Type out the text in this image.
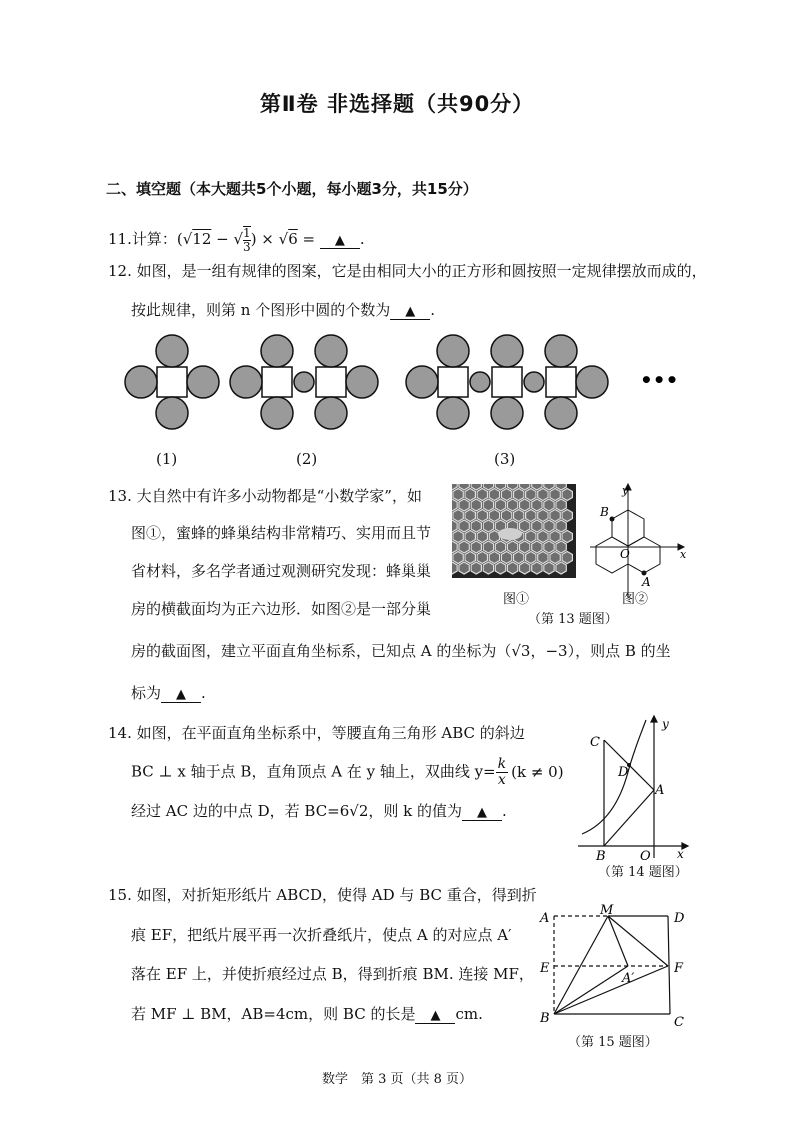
第Ⅱ卷 非选择题（共90分）
二、填空题（本大题共5个小题，每小题3分，共15分）
11.计算：(√12 − √ $\frac{1}{3}$ ) × √6 = ▲ .
12. 如图，是一组有规律的图案，它是由相同大小的正方形和圆按照一定规律摆放而成的，
按此规律，则第 n 个图形中圆的个数为 ▲ .
•••
(1)	(2)	(3)
13. 大自然中有许多小动物都是“小数学家”，如
图①，蜜蜂的蜂巢结构非常精巧、实用而且节
省材料，多名学者通过观测研究发现：蜂巢巢
房的横截面均为正六边形．如图②是一部分巢
房的截面图，建立平面直角坐标系，已知点 A 的坐标为（√3，−3），则点 B 的坐
标为 ▲ .
图①
y
x
B
A
O
图②
（第 13 题图）
14. 如图，在平面直角坐标系中，等腰直角三角形 ABC 的斜边
BC ⊥ x 轴于点 B，直角顶点 A 在 y 轴上，双曲线 $y= \frac{k}{x} (k \ne 0)$
经过 AC 边的中点 D，若 BC=6√2，则 k 的值为 ▲ .
C
D
A
B	O x
y
（第 14 题图）
15. 如图，对折矩形纸片 ABCD，使得 AD 与 BC 重合，得到折
痕 EF，把纸片展平再一次折叠纸片，使点 A 的对应点 A′
落在 EF 上，并使折痕经过点 B，得到折痕 BM. 连接 MF，
若 MF ⊥ BM，AB=4cm，则 BC 的长是 ▲ cm.
A
M
D
E	F
A′
B	C
（第 15 题图）
数学　第 3 页（共 8 页）
